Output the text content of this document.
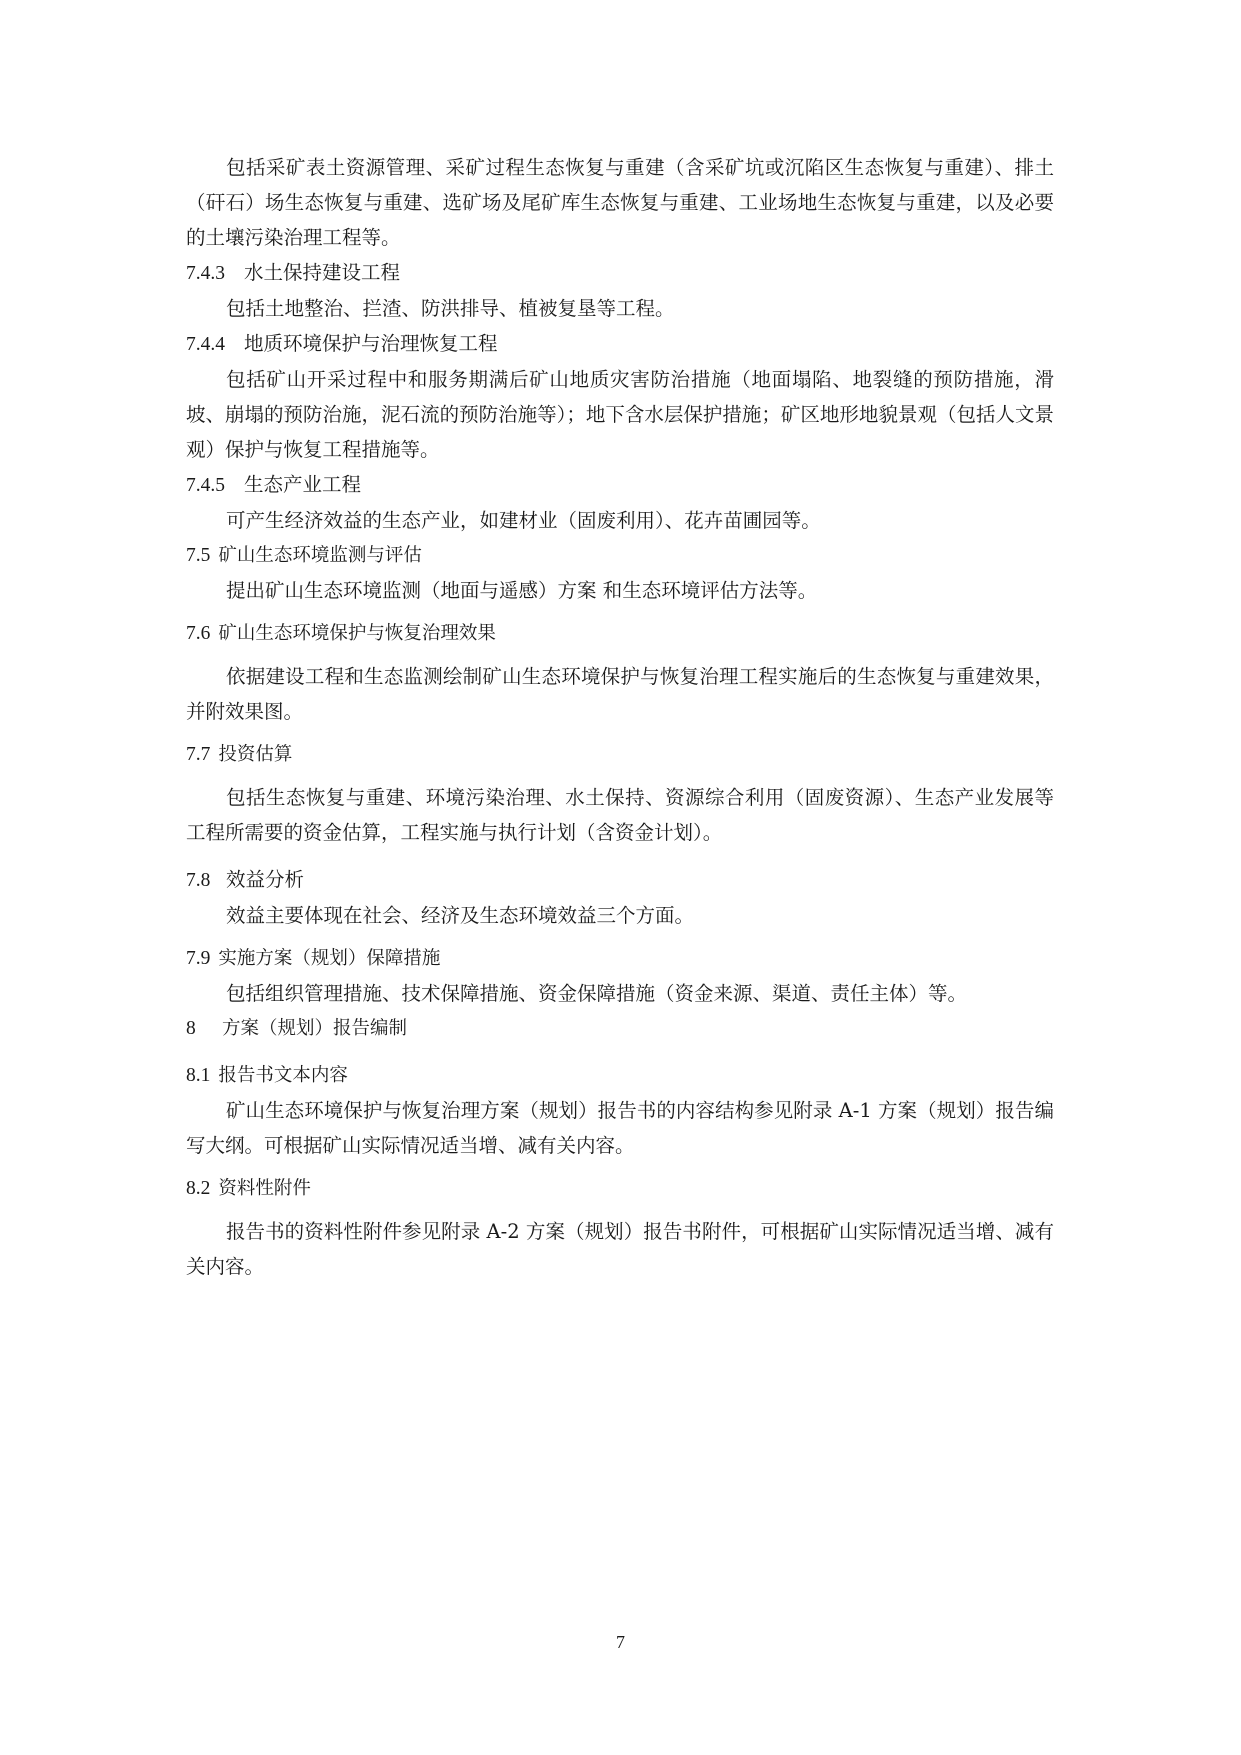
包括采矿表土资源管理、采矿过程生态恢复与重建（含采矿坑或沉陷区生态恢复与重建）、排土（矸石）场生态恢复与重建、选矿场及尾矿库生态恢复与重建、工业场地生态恢复与重建，以及必要的土壤污染治理工程等。

7.4.3 水土保持建设工程

包括土地整治、拦渣、防洪排导、植被复垦等工程。

7.4.4 地质环境保护与治理恢复工程

包括矿山开采过程中和服务期满后矿山地质灾害防治措施（地面塌陷、地裂缝的预防措施，滑坡、崩塌的预防治施，泥石流的预防治施等）；地下含水层保护措施；矿区地形地貌景观（包括人文景观）保护与恢复工程措施等。

7.4.5 生态产业工程

可产生经济效益的生态产业，如建材业（固废利用）、花卉苗圃园等。

7.5 矿山生态环境监测与评估

提出矿山生态环境监测（地面与遥感）方案 和生态环境评估方法等。

7.6 矿山生态环境保护与恢复治理效果

依据建设工程和生态监测绘制矿山生态环境保护与恢复治理工程实施后的生态恢复与重建效果，并附效果图。

7.7 投资估算

包括生态恢复与重建、环境污染治理、水土保持、资源综合利用（固废资源）、生态产业发展等工程所需要的资金估算，工程实施与执行计划（含资金计划）。

7.8 效益分析

效益主要体现在社会、经济及生态环境效益三个方面。

7.9 实施方案（规划）保障措施

包括组织管理措施、技术保障措施、资金保障措施（资金来源、渠道、责任主体）等。

8 方案（规划）报告编制

8.1 报告书文本内容

矿山生态环境保护与恢复治理方案（规划）报告书的内容结构参见附录 A-1 方案（规划）报告编写大纲。可根据矿山实际情况适当增、减有关内容。

8.2 资料性附件

报告书的资料性附件参见附录 A-2 方案（规划）报告书附件，可根据矿山实际情况适当增、减有关内容。

7
